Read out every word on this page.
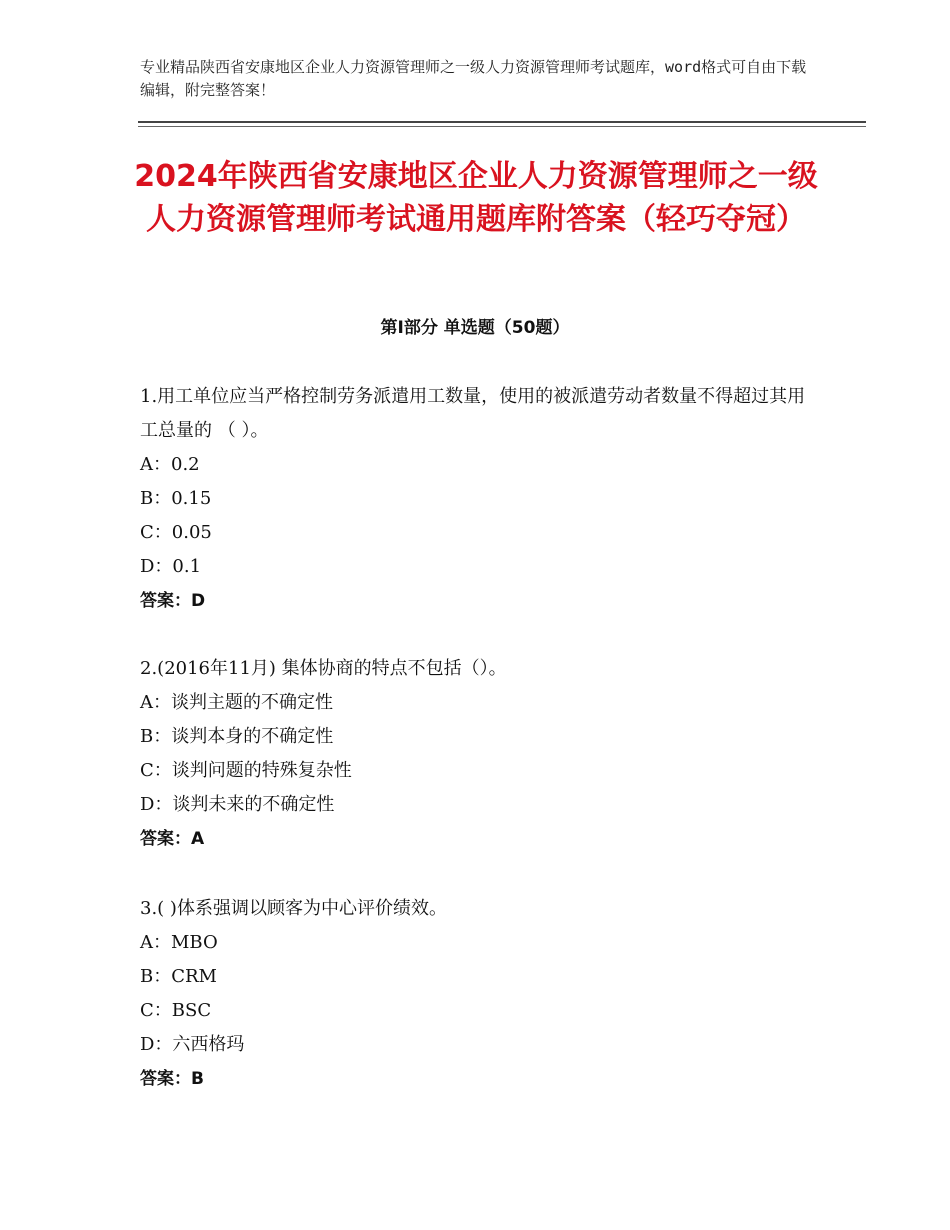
专业精品陕西省安康地区企业人力资源管理师之一级人力资源管理师考试题库，word格式可自由下载编辑，附完整答案！
2024年陕西省安康地区企业人力资源管理师之一级人力资源管理师考试通用题库附答案（轻巧夺冠）
第Ⅰ部分 单选题（50题）

1.用工单位应当严格控制劳务派遣用工数量，使用的被派遣劳动者数量不得超过其用工总量的 （ ）。

A：0.2

B：0.15

C：0.05

D：0.1

答案：D

2.(2016年11月) 集体协商的特点不包括（）。

A：谈判主题的不确定性

B：谈判本身的不确定性

C：谈判问题的特殊复杂性

D：谈判未来的不确定性

答案：A

3.( )体系强调以顾客为中心评价绩效。

A：MBO

B：CRM

C：BSC

D：六西格玛

答案：B
